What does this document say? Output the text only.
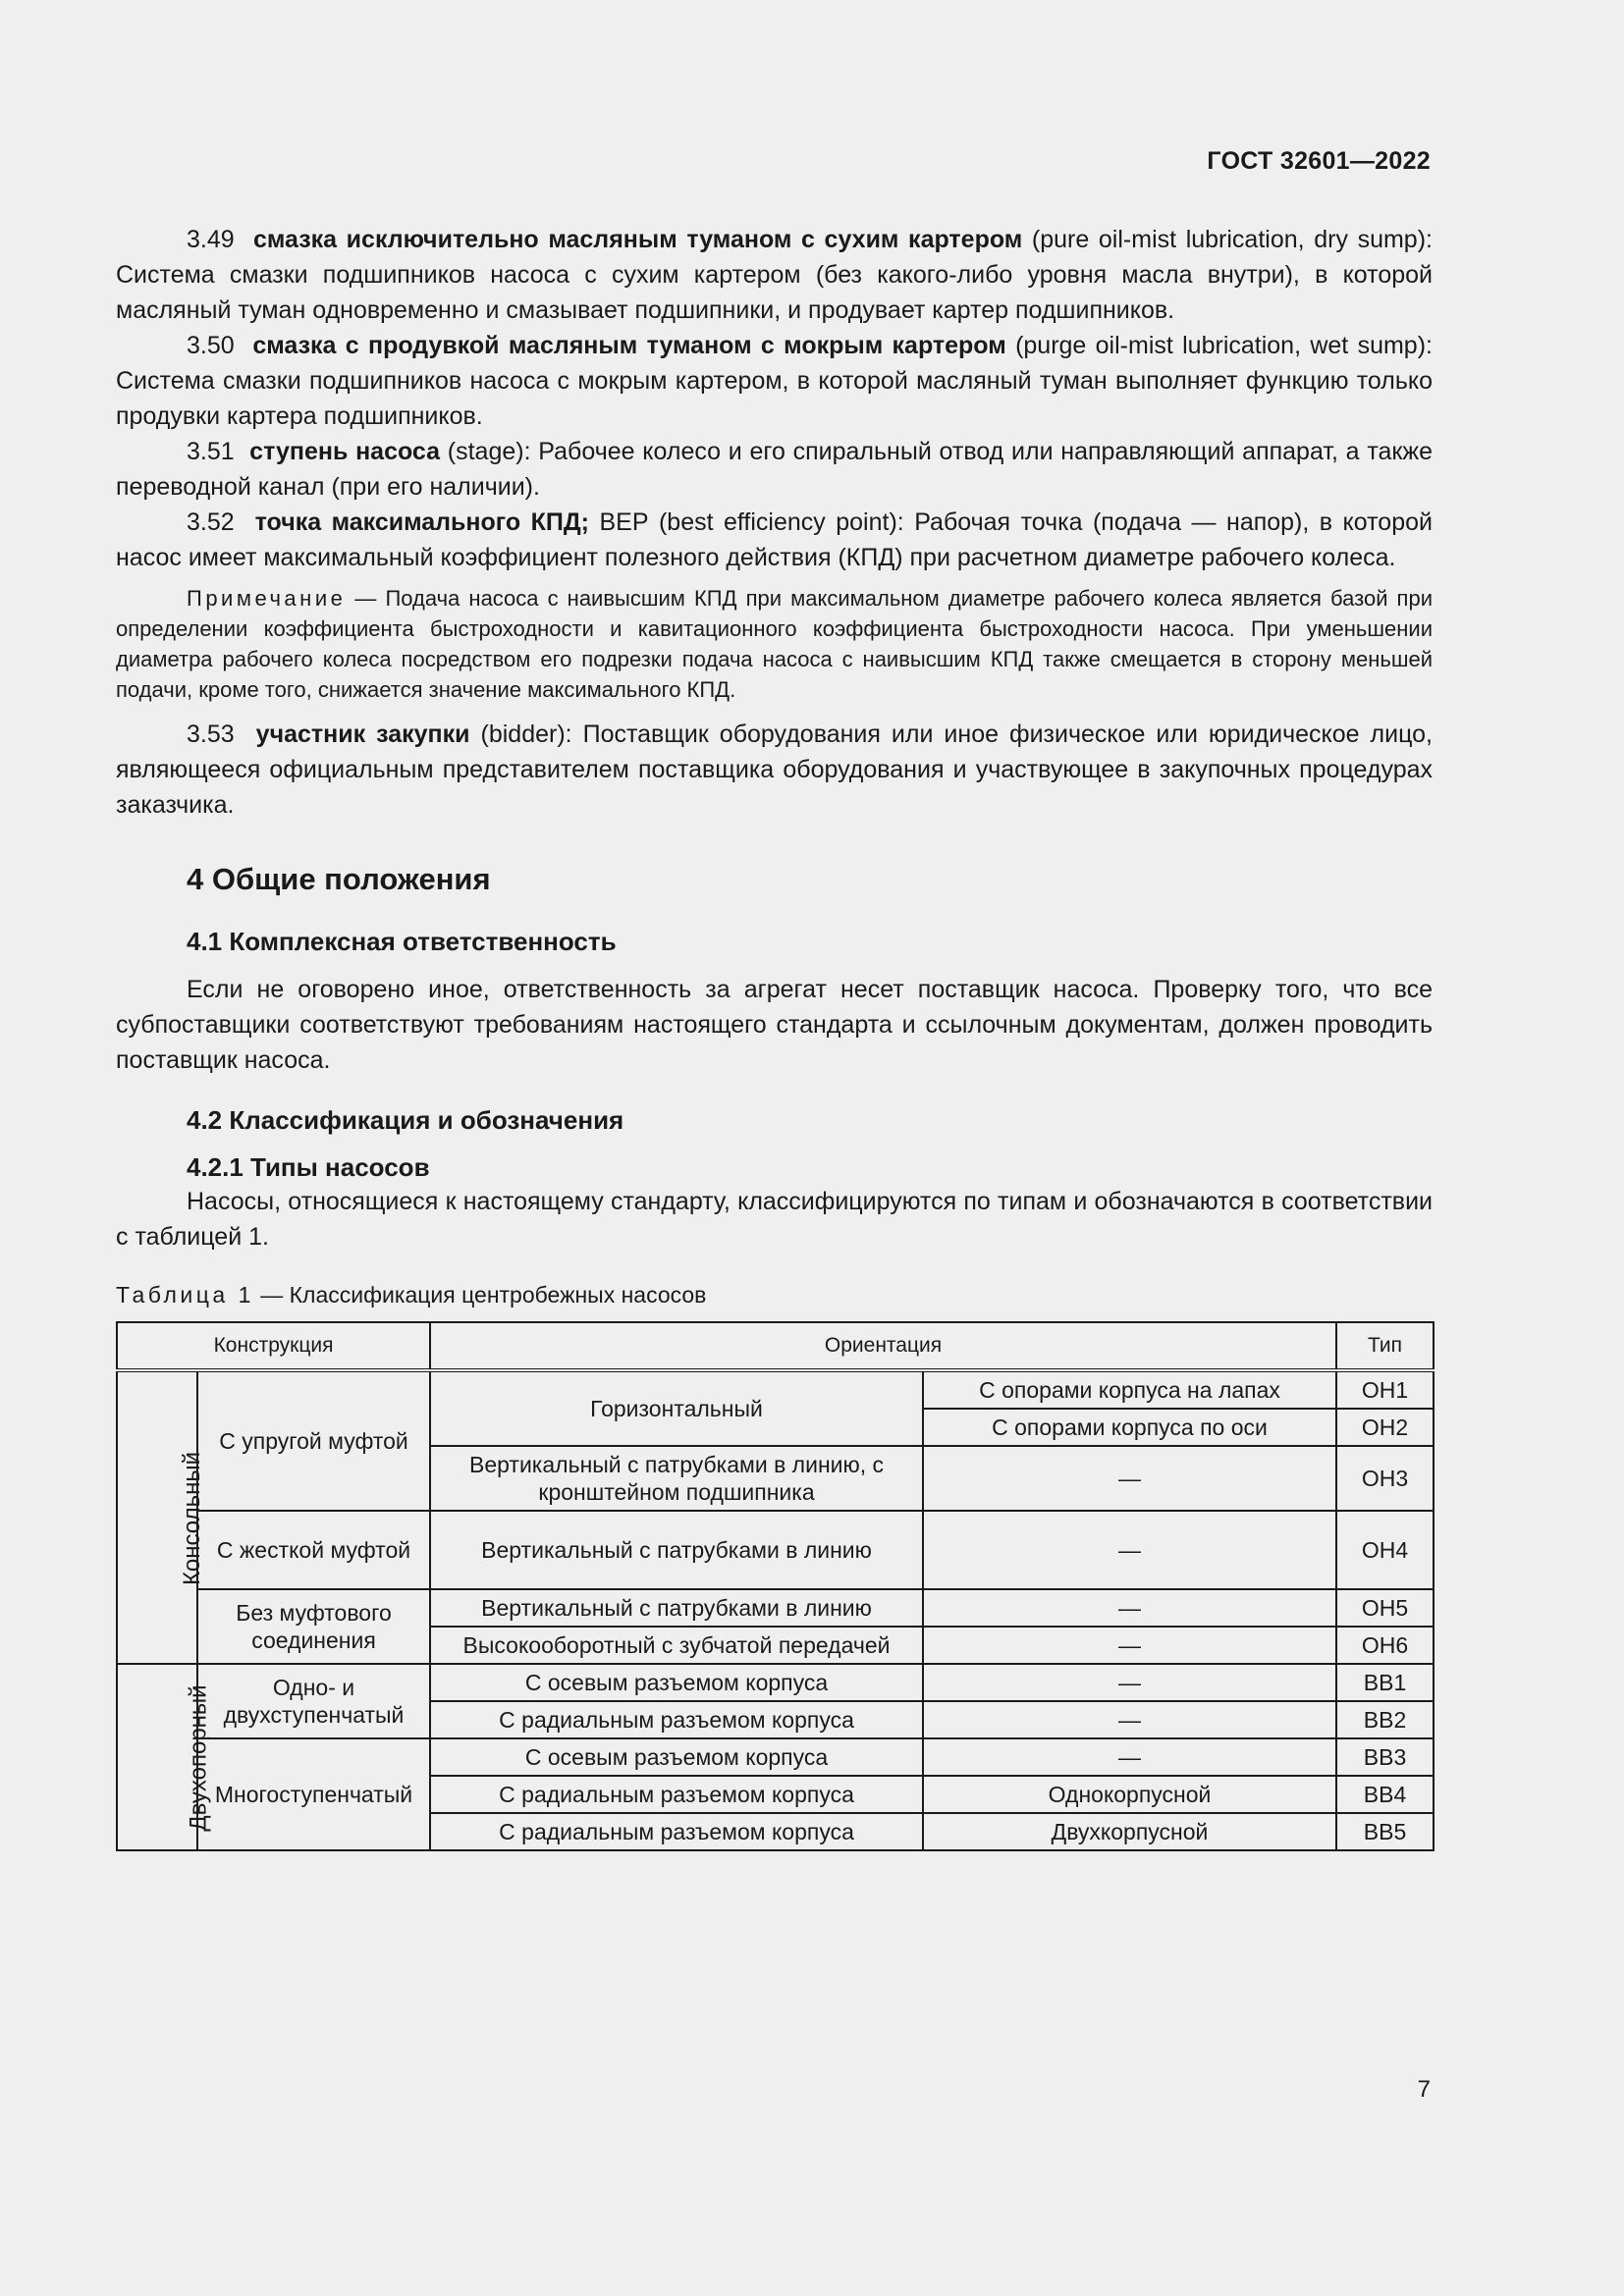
ГОСТ 32601—2022

3.49 смазка исключительно масляным туманом с сухим картером (pure oil-mist lubrication, dry sump): Система смазки подшипников насоса с сухим картером (без какого-либо уровня масла внутри), в которой масляный туман одновременно и смазывает подшипники, и продувает картер подшипников.

3.50 смазка с продувкой масляным туманом с мокрым картером (purge oil-mist lubrication, wet sump): Система смазки подшипников насоса с мокрым картером, в которой масляный туман выполняет функцию только продувки картера подшипников.

3.51 ступень насоса (stage): Рабочее колесо и его спиральный отвод или направляющий аппарат, а также переводной канал (при его наличии).

3.52 точка максимального КПД; ВЕР (best efficiency point): Рабочая точка (подача — напор), в которой насос имеет максимальный коэффициент полезного действия (КПД) при расчетном диаметре рабочего колеса.

Примечание — Подача насоса с наивысшим КПД при максимальном диаметре рабочего колеса является базой при определении коэффициента быстроходности и кавитационного коэффициента быстроходности насоса. При уменьшении диаметра рабочего колеса посредством его подрезки подача насоса с наивысшим КПД также смещается в сторону меньшей подачи, кроме того, снижается значение максимального КПД.

3.53 участник закупки (bidder): Поставщик оборудования или иное физическое или юридическое лицо, являющееся официальным представителем поставщика оборудования и участвующее в закупочных процедурах заказчика.

4 Общие положения
4.1 Комплексная ответственность

Если не оговорено иное, ответственность за агрегат несет поставщик насоса. Проверку того, что все субпоставщики соответствуют требованиям настоящего стандарта и ссылочным документам, должен проводить поставщик насоса.

4.2 Классификация и обозначения
4.2.1 Типы насосов

Насосы, относящиеся к настоящему стандарту, классифицируются по типам и обозначаются в соответствии с таблицей 1.

Таблица 1 — Классификация центробежных насосов
Конструкция		Ориентация		Тип
Консольный	С упругой муфтой	Горизонтальный	С опорами корпуса на лапах	OH1
			С опорами корпуса по оси	OH2
		Вертикальный с патрубками в линию, с кронштейном подшипника	—	OH3
	С жесткой муфтой	Вертикальный с патрубками в линию	—	OH4
	Без муфтового соединения	Вертикальный с патрубками в линию	—	OH5
		Высокооборотный с зубчатой передачей	—	OH6

Двухопорный	Одно- и двухступенчатый	С осевым разъемом корпуса	—	BB1
		С радиальным разъемом корпуса	—	BB2
	Многоступенчатый	С осевым разъемом корпуса	—	BB3
		С радиальным разъемом корпуса	Однокорпусной	BB4
		С радиальным разъемом корпуса	Двухкорпусной	BB5
7
